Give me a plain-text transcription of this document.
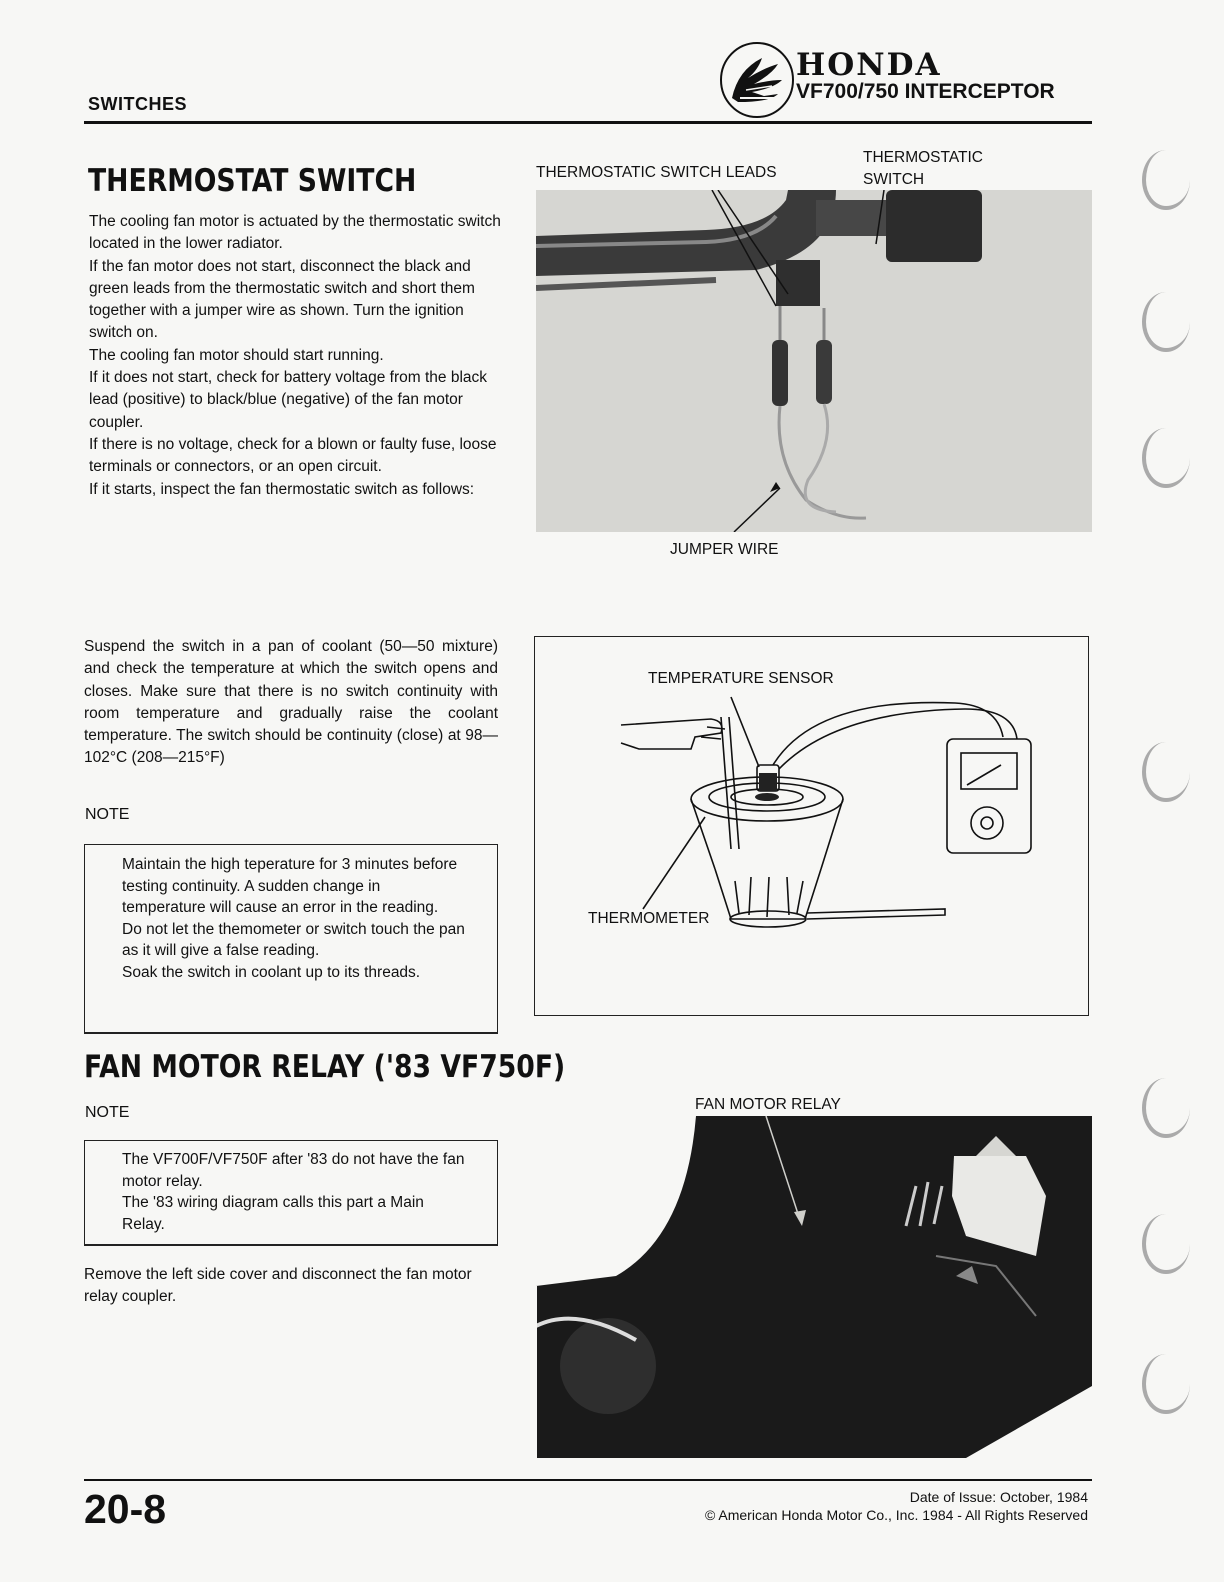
SWITCHES
HONDA
VF700/750 INTERCEPTOR
THERMOSTAT SWITCH

The cooling fan motor is actuated by the thermostatic switch located in the lower radiator.

If the fan motor does not start, disconnect the black and green leads from the thermostatic switch and short them together with a jumper wire as shown. Turn the ignition switch on.

The cooling fan motor should start running.

If it does not start, check for battery voltage from the black lead (positive) to black/blue (negative) of the fan motor coupler.

If there is no voltage, check for a blown or faulty fuse, loose terminals or connectors, or an open circuit.

If it starts, inspect the fan thermostatic switch as follows:

Suspend the switch in a pan of coolant (50—50 mixture) and check the temperature at which the switch opens and closes. Make sure that there is no switch continuity with room temperature and gradually raise the coolant temperature. The switch should be continuity (close) at 98—102°C (208—215°F)

NOTE

Maintain the high teperature for 3 minutes before testing continuity. A sudden change in temperature will cause an error in the reading.

Do not let the themometer or switch touch the pan as it will give a false reading.

Soak the switch in coolant up to its threads.

FAN MOTOR RELAY ('83 VF750F)
NOTE

The VF700F/VF750F after '83 do not have the fan motor relay.

The '83 wiring diagram calls this part a Main Relay.

Remove the left side cover and disconnect the fan motor relay coupler.

THERMOSTATIC SWITCH LEADS
THERMOSTATIC
SWITCH
JUMPER WIRE
TEMPERATURE SENSOR
THERMOMETER
FAN MOTOR RELAY
20-8	Date of Issue: October, 1984
© American Honda Motor Co., Inc. 1984 - All Rights Reserved
